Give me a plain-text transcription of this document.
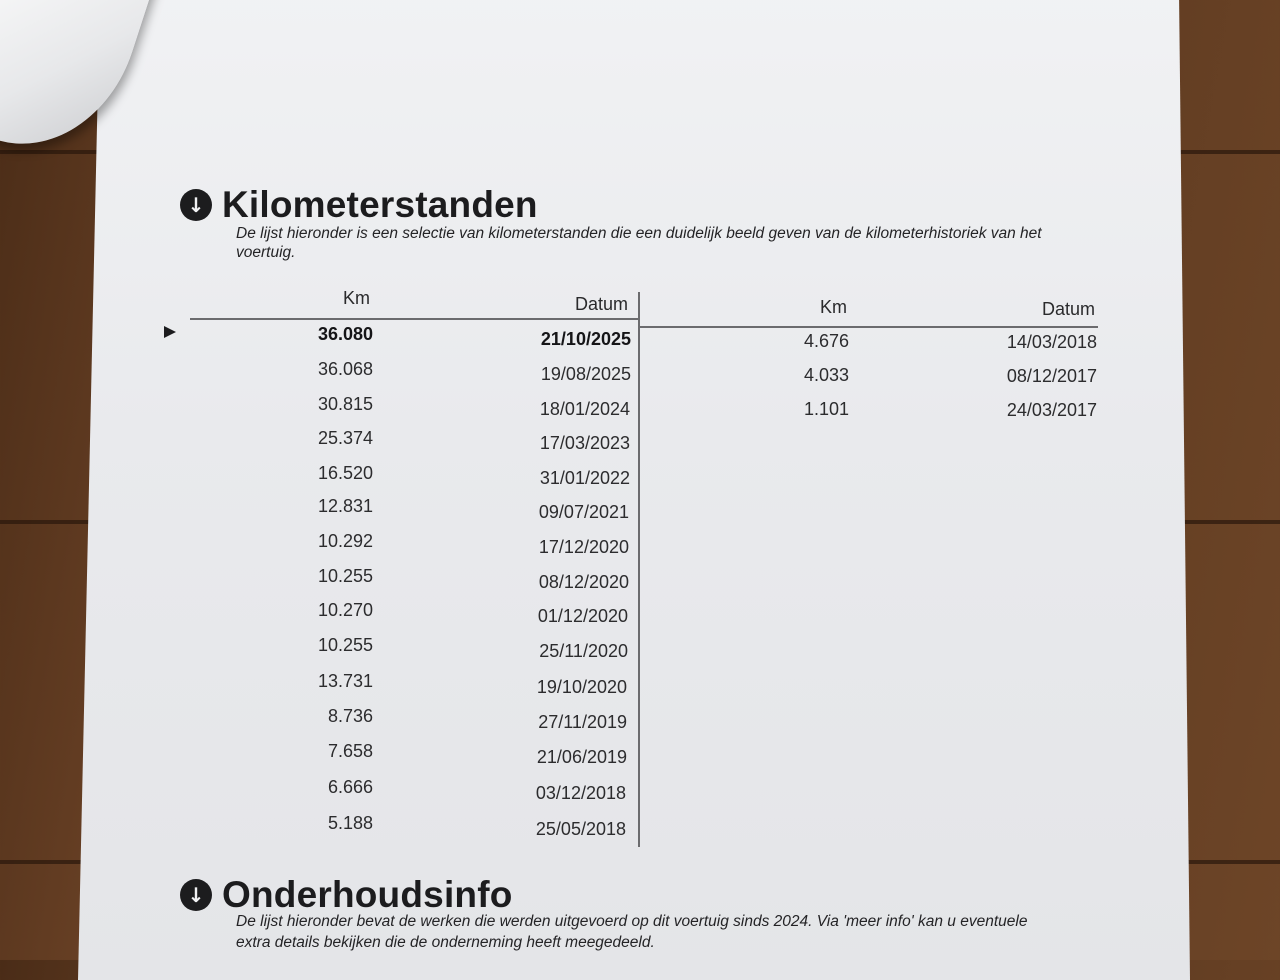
↓ Kilometerstanden
De lijst hieronder is een selectie van kilometerstanden die een duidelijk beeld geven van de kilometerhistoriek van het
voertuig.
Km	Datum	Km	Datum
36.080	21/10/2025
36.068	19/08/2025
30.815	18/01/2024
25.374	17/03/2023
16.520	31/01/2022
12.831	09/07/2021
10.292	17/12/2020
10.255	08/12/2020
10.270	01/12/2020
10.255	25/11/2020
13.731	19/10/2020
8.736	27/11/2019
7.658	21/06/2019
6.666	03/12/2018
5.188	25/05/2018
4.676	14/03/2018
4.033	08/12/2017
1.101	24/03/2017
↓ Onderhoudsinfo
De lijst hieronder bevat de werken die werden uitgevoerd op dit voertuig sinds 2024. Via 'meer info' kan u eventuele
extra details bekijken die de onderneming heeft meegedeeld.
